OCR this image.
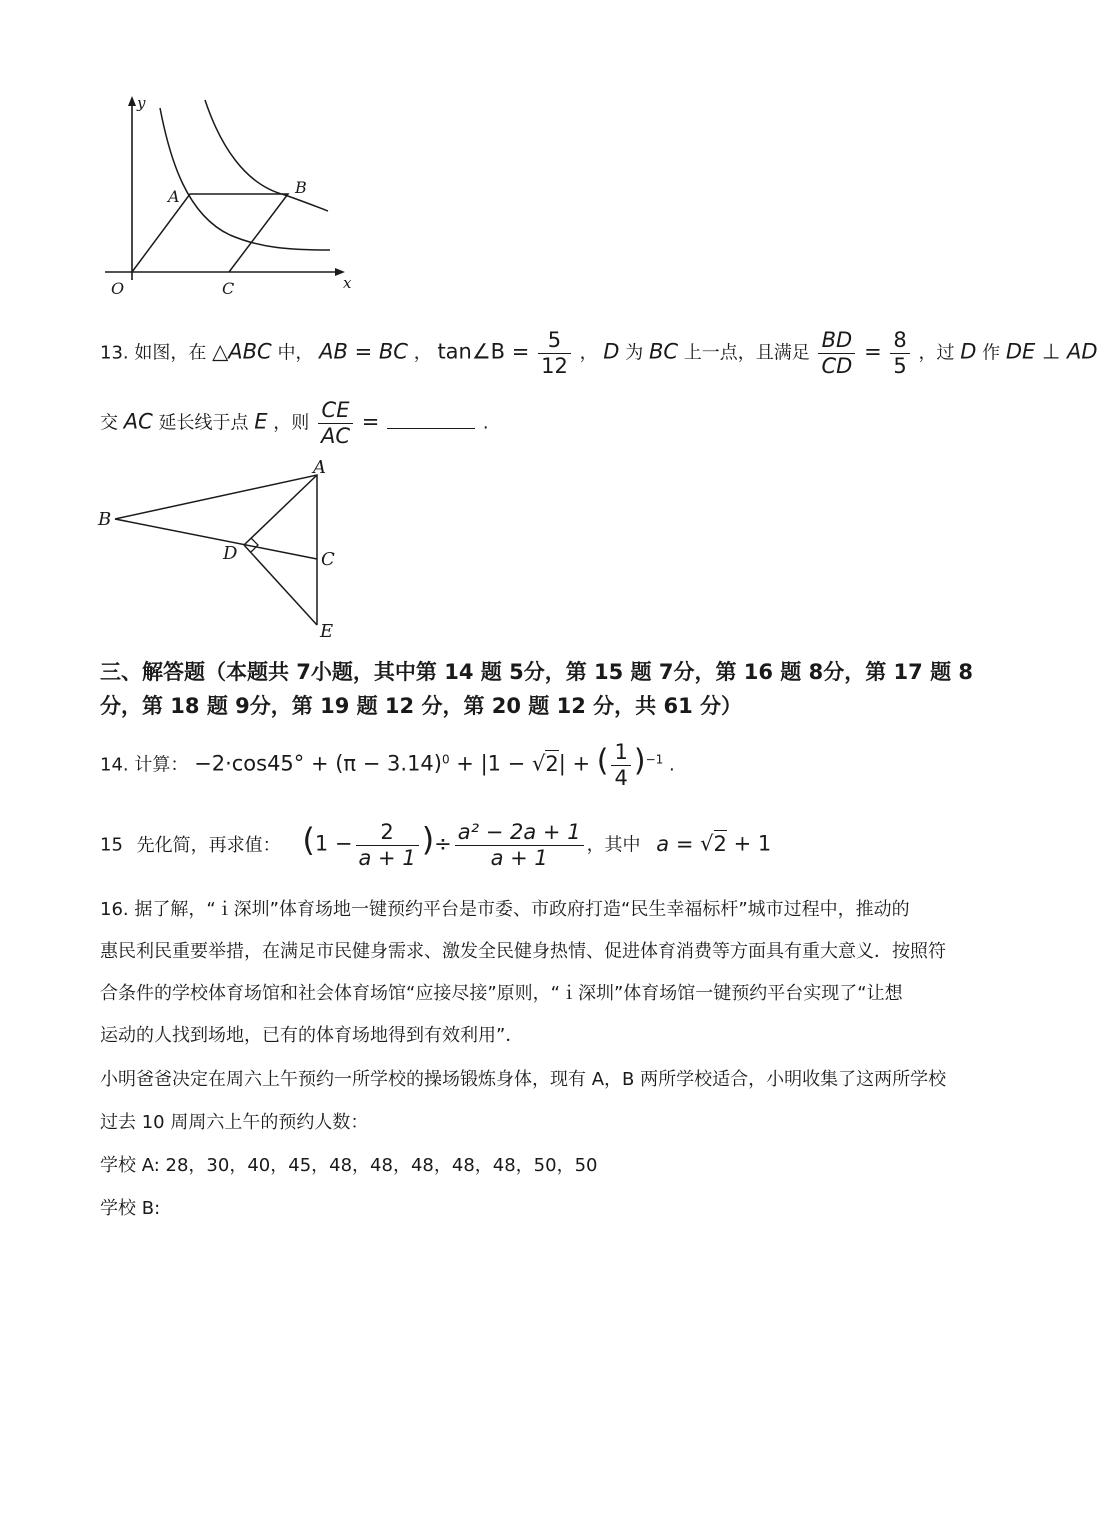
y
x
O
A	B
C
13. 如图，在 △ABC 中， AB = BC ， tan∠B = $\frac{5}{12}$ ， D 为 BC 上一点，且满足 $\frac{BD}{CD} = \frac{8}{5}$ ，过 D 作 DE ⊥ AD
交 AC 延长线于点 E ，则 $\frac{CE}{AC}$ =	.
A
B
C
D
E
三、解答题（本题共 7小题，其中第 14 题 5分，第 15 题 7分，第 16 题 8分，第 17 题 8
分，第 18 题 9分，第 19 题 12 分，第 20 题 12 分，共 61 分）
14. 计算： $-2\cdot\cos 45^\circ + (\pi - 3.14)^0 + |1 - √2|$ + ( $\frac{1}{4} )^{-1}$ .
15 先化简，再求值： ($1 - \frac{2}{a + 1}$ )÷ $\frac{\text{a² − 2a + 1}}{a + 1}$ ，其中 a = √2 + 1
16. 据了解，“ｉ深圳”体育场地一键预约平台是市委、市政府打造“民生幸福标杆”城市过程中，推动的
惠民利民重要举措，在满足市民健身需求、激发全民健身热情、促进体育消费等方面具有重大意义．按照符
合条件的学校体育场馆和社会体育场馆“应接尽接”原则，“ｉ深圳”体育场馆一键预约平台实现了“让想
运动的人找到场地，已有的体育场地得到有效利用”．
小明爸爸决定在周六上午预约一所学校的操场锻炼身体，现有 A，B 两所学校适合，小明收集了这两所学校
过去 10 周周六上午的预约人数：
学校 A: 28，30，40，45，48，48，48，48，48，50，50
学校 B:
